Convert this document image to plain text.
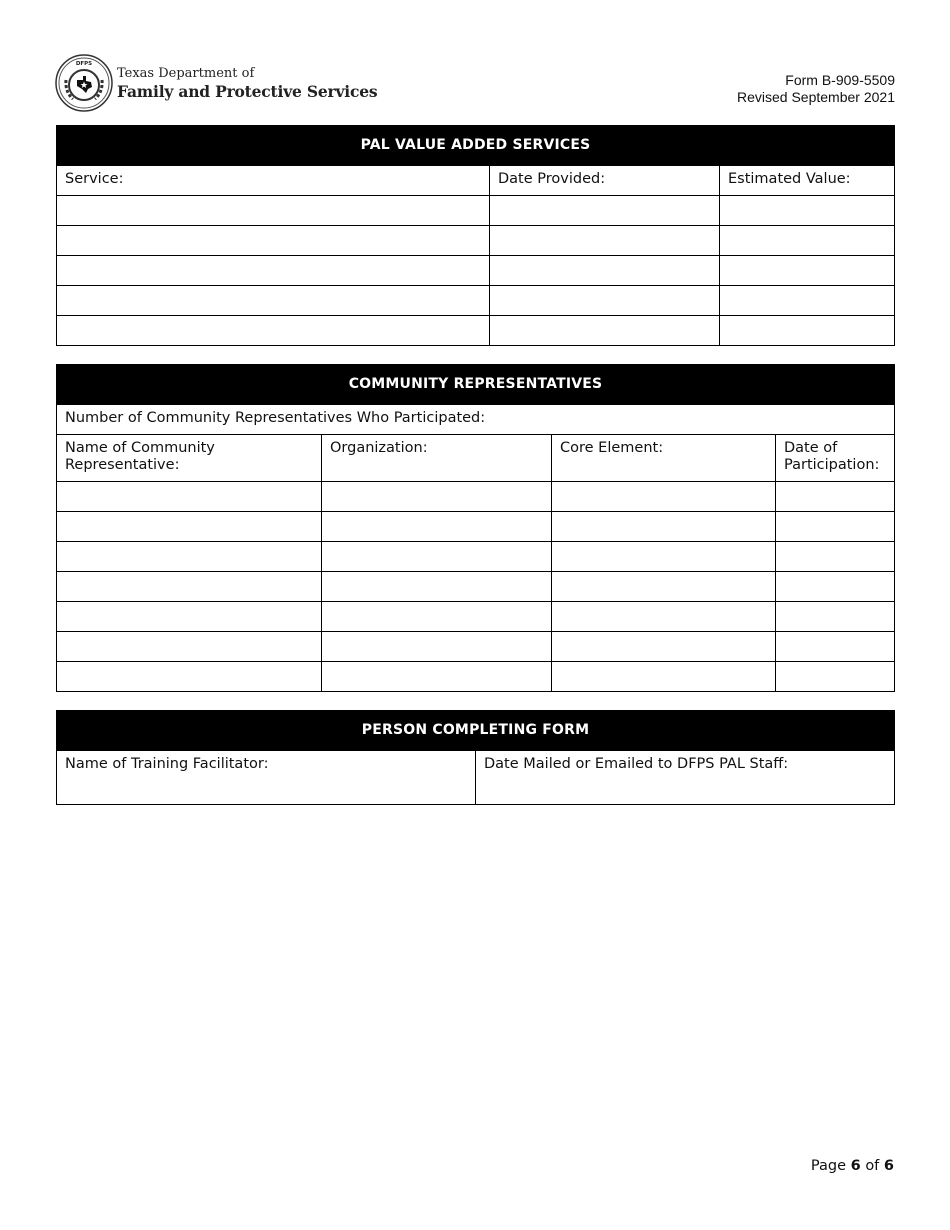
DFPS
Texas Department of
Family and Protective Services
Form B-909-5509
Revised September 2021
PAL VALUE ADDED SERVICES		
Service:	Date Provided:	Estimated Value:

COMMUNITY REPRESENTATIVES			
Number of Community Representatives Who Participated:			
Name of Community Representative:	Organization:	Core Element:	Date of Participation:

PERSON COMPLETING FORM
Name of Training Facilitator:	Date Mailed or Emailed to DFPS PAL Staff:
Page 6 of 6
